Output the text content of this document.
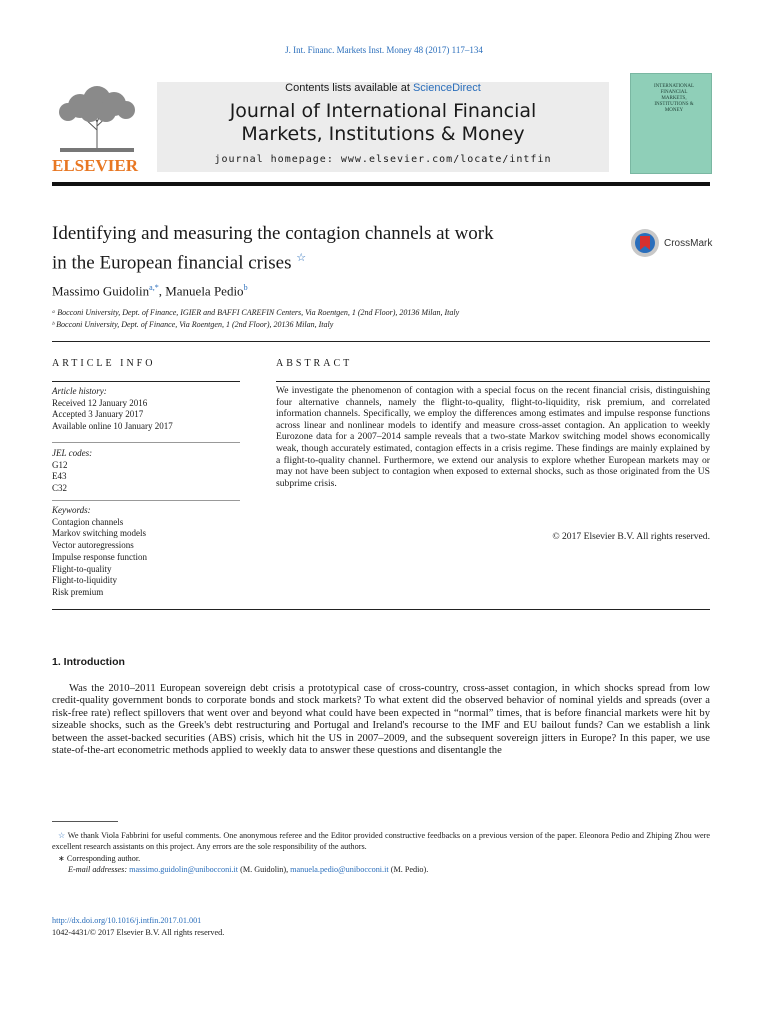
J. Int. Financ. Markets Inst. Money 48 (2017) 117–134
ELSEVIER
Contents lists available at ScienceDirect
Journal of International Financial
Markets, Institutions & Money
journal homepage: www.elsevier.com/locate/intfin
INTERNATIONAL FINANCIAL MARKETS, INSTITUTIONS & MONEY
Identifying and measuring the contagion channels at work
in the European financial crises ☆
CrossMark
Massimo Guidolin$^{a,*}$, Manuela Pedio$^b$
ᵃ Bocconi University, Dept. of Finance, IGIER and BAFFI CAREFIN Centers, Via Roentgen, 1 (2nd Floor), 20136 Milan, Italy
ᵇ Bocconi University, Dept. of Finance, Via Roentgen, 1 (2nd Floor), 20136 Milan, Italy
ARTICLE INFO
Article history:
Received 12 January 2016
Accepted 3 January 2017
Available online 10 January 2017
JEL codes:
G12
E43
C32
Keywords:
Contagion channels
Markov switching models
Vector autoregressions
Impulse response function
Flight-to-quality
Flight-to-liquidity
Risk premium
ABSTRACT
We investigate the phenomenon of contagion with a special focus on the recent financial crisis, distinguishing four alternative channels, namely the flight-to-quality, flight-to-liquidity, risk premium, and correlated information channels. Specifically, we employ the differences among estimates and impulse response functions across linear and nonlinear models to identify and measure cross-asset contagion. An application to weekly Eurozone data for a 2007–2014 sample reveals that a two-state Markov switching model shows economically weak, though accurately estimated, contagion effects in a crisis regime. These findings are mainly explained by a flight-to-quality channel. Furthermore, we extend our analysis to explore whether European markets may or may not have been subject to contagion when exposed to external shocks, such as those originated from the US subprime crisis.
© 2017 Elsevier B.V. All rights reserved.
1. Introduction
Was the 2010–2011 European sovereign debt crisis a prototypical case of cross-country, cross-asset contagion, in which shocks spread from low credit-quality government bonds to corporate bonds and stock markets? To what extent did the observed behavior of nominal yields and spreads (over a risk-free rate) reflect spillovers that went over and beyond what could have been expected in “normal” times, that is before financial markets were hit by sizeable shocks, such as the Greek's debt restructuring and Portugal and Ireland's recourse to the IMF and EU bailout funds? Can we establish a link between the asset-backed securities (ABS) crisis, which hit the US in 2007–2009, and the subsequent sovereign jitters in Europe? In this paper, we use state-of-the-art econometric methods applied to weekly data to answer these questions and disentangle the
☆ We thank Viola Fabbrini for useful comments. One anonymous referee and the Editor provided constructive feedbacks on a previous version of the paper. Eleonora Pedio and Zhiping Zhou were excellent research assistants on this project. Any errors are the sole responsibility of the authors.
∗ Corresponding author.
E-mail addresses: massimo.guidolin@unibocconi.it (M. Guidolin), manuela.pedio@unibocconi.it (M. Pedio).
http://dx.doi.org/10.1016/j.intfin.2017.01.001
1042-4431/© 2017 Elsevier B.V. All rights reserved.
